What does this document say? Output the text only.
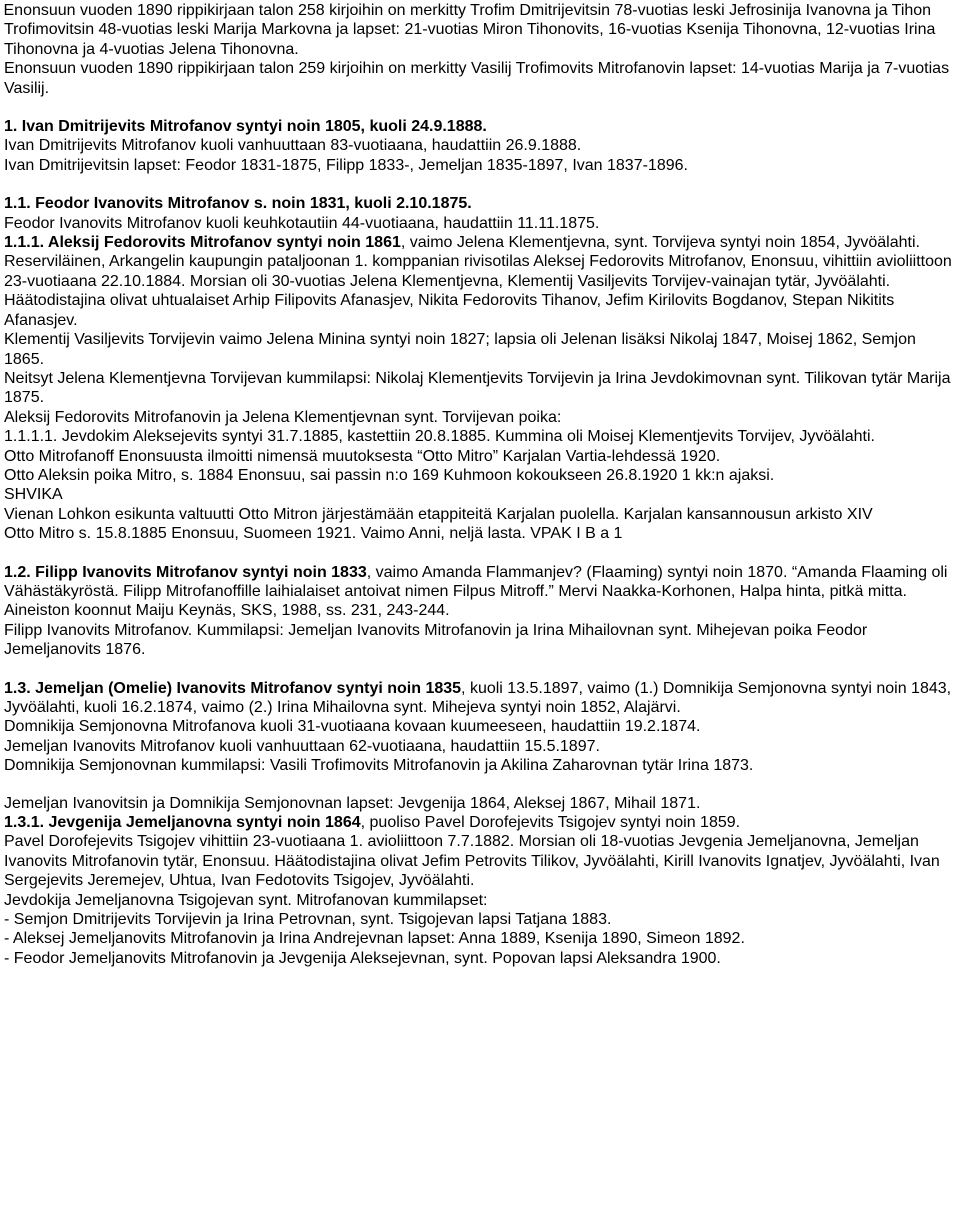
Enonsuun vuoden 1890 rippikirjaan talon 258 kirjoihin on merkitty Trofim Dmitrijevitsin 78-vuotias leski Jefrosinija Ivanovna ja Tihon Trofimovitsin 48-vuotias leski Marija Markovna ja lapset: 21-vuotias Miron Tihonovits, 16-vuotias Ksenija Tihonovna, 12-vuotias Irina Tihonovna ja 4-vuotias Jelena Tihonovna.

Enonsuun vuoden 1890 rippikirjaan talon 259 kirjoihin on merkitty Vasilij Trofimovits Mitrofanovin lapset: 14-vuotias Marija ja 7-vuotias Vasilij.

1. Ivan Dmitrijevits Mitrofanov syntyi noin 1805, kuoli 24.9.1888.

Ivan Dmitrijevits Mitrofanov kuoli vanhuuttaan 83-vuotiaana, haudattiin 26.9.1888.

Ivan Dmitrijevitsin lapset: Feodor 1831-1875, Filipp 1833-, Jemeljan 1835-1897, Ivan 1837-1896.

1.1. Feodor Ivanovits Mitrofanov s. noin 1831, kuoli 2.10.1875.

Feodor Ivanovits Mitrofanov kuoli keuhkotautiin 44-vuotiaana, haudattiin 11.11.1875.

1.1.1. Aleksij Fedorovits Mitrofanov syntyi noin 1861, vaimo Jelena Klementjevna, synt. Torvijeva syntyi noin 1854, Jyvöälahti.

Reserviläinen, Arkangelin kaupungin pataljoonan 1. komppanian rivisotilas Aleksej Fedorovits Mitrofanov, Enonsuu, vihittiin avioliittoon 23-vuotiaana 22.10.1884. Morsian oli 30-vuotias Jelena Klementjevna, Klementij Vasiljevits Torvijev-vainajan tytär, Jyvöälahti. Häätodistajina olivat uhtualaiset Arhip Filipovits Afanasjev, Nikita Fedorovits Tihanov, Jefim Kirilovits Bogdanov, Stepan Nikitits Afanasjev.

Klementij Vasiljevits Torvijevin vaimo Jelena Minina syntyi noin 1827; lapsia oli Jelenan lisäksi Nikolaj 1847, Moisej 1862, Semjon 1865.

Neitsyt Jelena Klementjevna Torvijevan kummilapsi: Nikolaj Klementjevits Torvijevin ja Irina Jevdokimovnan synt. Tilikovan tytär Marija 1875.

Aleksij Fedorovits Mitrofanovin ja Jelena Klementjevnan synt. Torvijevan poika:

1.1.1.1. Jevdokim Aleksejevits syntyi 31.7.1885, kastettiin 20.8.1885. Kummina oli Moisej Klementjevits Torvijev, Jyvöälahti.

Otto Mitrofanoff Enonsuusta ilmoitti nimensä muutoksesta “Otto Mitro” Karjalan Vartia-lehdessä 1920.

Otto Aleksin poika Mitro, s. 1884 Enonsuu, sai passin n:o 169 Kuhmoon kokoukseen 26.8.1920 1 kk:n ajaksi.

SHVIKA

Vienan Lohkon esikunta valtuutti Otto Mitron järjestämään etappiteitä Karjalan puolella. Karjalan kansannousun arkisto XIV

Otto Mitro s. 15.8.1885 Enonsuu, Suomeen 1921. Vaimo Anni, neljä lasta. VPAK I B a 1

1.2. Filipp Ivanovits Mitrofanov syntyi noin 1833, vaimo Amanda Flammanjev? (Flaaming) syntyi noin 1870. “Amanda Flaaming oli Vähästäkyröstä. Filipp Mitrofanoffille laihialaiset antoivat nimen Filpus Mitroff.” Mervi Naakka-Korhonen, Halpa hinta, pitkä mitta. Aineiston koonnut Maiju Keynäs, SKS, 1988, ss. 231, 243-244.

Filipp Ivanovits Mitrofanov. Kummilapsi: Jemeljan Ivanovits Mitrofanovin ja Irina Mihailovnan synt. Mihejevan poika Feodor Jemeljanovits 1876.

1.3. Jemeljan (Omelie) Ivanovits Mitrofanov syntyi noin 1835, kuoli 13.5.1897, vaimo (1.) Domnikija Semjonovna syntyi noin 1843, Jyvöälahti, kuoli 16.2.1874, vaimo (2.) Irina Mihailovna synt. Mihejeva syntyi noin 1852, Alajärvi.

Domnikija Semjonovna Mitrofanova kuoli 31-vuotiaana kovaan kuumeeseen, haudattiin 19.2.1874.

Jemeljan Ivanovits Mitrofanov kuoli vanhuuttaan 62-vuotiaana, haudattiin 15.5.1897.

Domnikija Semjonovnan kummilapsi: Vasili Trofimovits Mitrofanovin ja Akilina Zaharovnan tytär Irina 1873.

Jemeljan Ivanovitsin ja Domnikija Semjonovnan lapset: Jevgenija 1864, Aleksej 1867, Mihail 1871.

1.3.1. Jevgenija Jemeljanovna syntyi noin 1864, puoliso Pavel Dorofejevits Tsigojev syntyi noin 1859.

Pavel Dorofejevits Tsigojev vihittiin 23-vuotiaana 1. avioliittoon 7.7.1882. Morsian oli 18-vuotias Jevgenia Jemeljanovna, Jemeljan Ivanovits Mitrofanovin tytär, Enonsuu. Häätodistajina olivat Jefim Petrovits Tilikov, Jyvöälahti, Kirill Ivanovits Ignatjev, Jyvöälahti, Ivan Sergejevits Jeremejev, Uhtua, Ivan Fedotovits Tsigojev, Jyvöälahti.

Jevdokija Jemeljanovna Tsigojevan synt. Mitrofanovan kummilapset:

- Semjon Dmitrijevits Torvijevin ja Irina Petrovnan, synt. Tsigojevan lapsi Tatjana 1883.

- Aleksej Jemeljanovits Mitrofanovin ja Irina Andrejevnan lapset: Anna 1889, Ksenija 1890, Simeon 1892.

- Feodor Jemeljanovits Mitrofanovin ja Jevgenija Aleksejevnan, synt. Popovan lapsi Aleksandra 1900.
